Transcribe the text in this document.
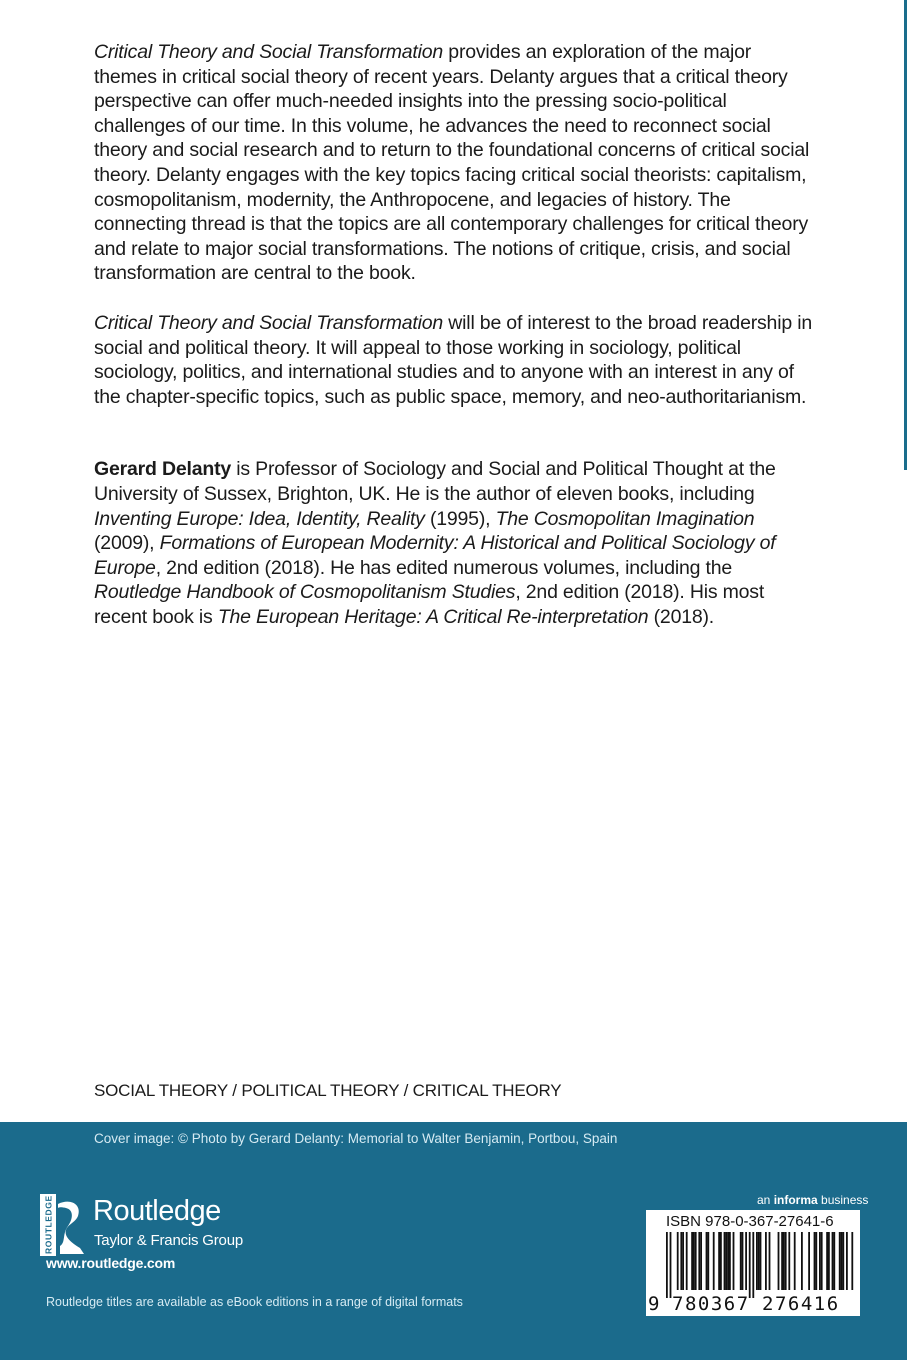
Critical Theory and Social Transformation provides an exploration of the major themes in critical social theory of recent years. Delanty argues that a critical theory perspective can offer much-needed insights into the pressing socio-political challenges of our time. In this volume, he advances the need to reconnect social theory and social research and to return to the foundational concerns of critical social theory. Delanty engages with the key topics facing critical social theorists: capitalism, cosmopolitanism, modernity, the Anthropocene, and legacies of history. The connecting thread is that the topics are all contemporary challenges for critical theory and relate to major social transformations. The notions of critique, crisis, and social transformation are central to the book.

Critical Theory and Social Transformation will be of interest to the broad readership in social and political theory. It will appeal to those working in sociology, political sociology, politics, and international studies and to anyone with an interest in any of the chapter-specific topics, such as public space, memory, and neo-authoritarianism.

Gerard Delanty is Professor of Sociology and Social and Political Thought at the University of Sussex, Brighton, UK. He is the author of eleven books, including Inventing Europe: Idea, Identity, Reality (1995), The Cosmopolitan Imagination (2009), Formations of European Modernity: A Historical and Political Sociology of Europe, 2nd edition (2018). He has edited numerous volumes, including the Routledge Handbook of Cosmopolitanism Studies, 2nd edition (2018). His most recent book is The European Heritage: A Critical Re-interpretation (2018).

SOCIAL THEORY / POLITICAL THEORY / CRITICAL THEORY
Cover image: © Photo by Gerard Delanty: Memorial to Walter Benjamin, Portbou, Spain
ROUTLEDGE Routledge
Taylor & Francis Group
www.routledge.com
Routledge titles are available as eBook editions in a range of digital formats
an informa business
ISBN 978-0-367-27641-6
9 780367 276416
